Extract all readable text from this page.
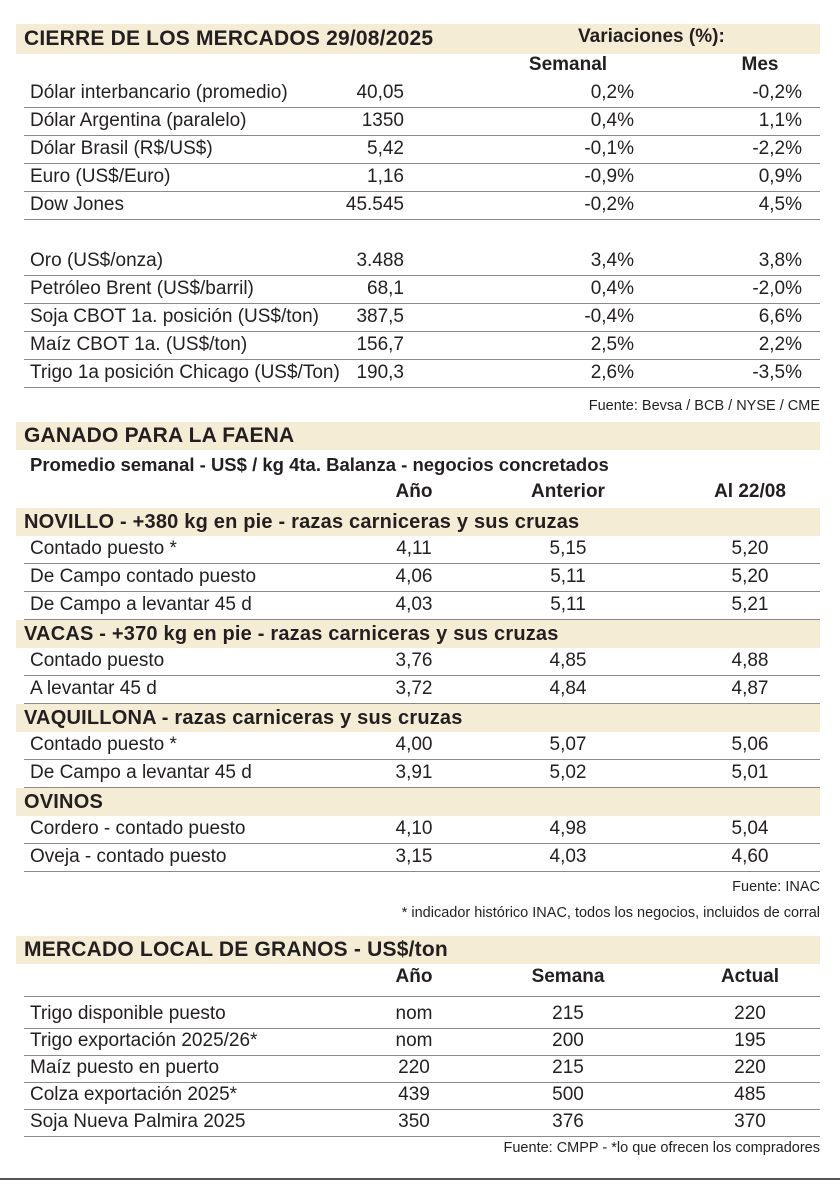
CIERRE DE LOS MERCADOS 29/08/2025	Variaciones (%):
Semanal	Mes
Dólar interbancario (promedio)	40,05	0,2%	-0,2%
Dólar Argentina (paralelo)	1350	0,4%	1,1%
Dólar Brasil (R$/US$)	5,42	-0,1%	-2,2%
Euro (US$/Euro)	1,16	-0,9%	0,9%
Dow Jones	45.545	-0,2%	4,5%
Oro (US$/onza)	3.488	3,4%	3,8%
Petróleo Brent (US$/barril)	68,1	0,4%	-2,0%
Soja CBOT 1a. posición (US$/ton)	387,5	-0,4%	6,6%
Maíz CBOT 1a. (US$/ton)	156,7	2,5%	2,2%
Trigo 1a posición Chicago (US$/Ton) 190,3	2,6%	-3,5%
Fuente: Bevsa / BCB / NYSE / CME
GANADO PARA LA FAENA
Promedio semanal - US$ / kg 4ta. Balanza - negocios concretados
Año	Anterior	Al 22/08
NOVILLO - +380 kg en pie - razas carniceras y sus cruzas
Contado puesto *	4,11	5,15	5,20
De Campo contado puesto	4,06	5,11	5,20
De Campo a levantar 45 d	4,03	5,11	5,21
VACAS - +370 kg en pie - razas carniceras y sus cruzas
Contado puesto	3,76	4,85	4,88
A levantar 45 d	3,72	4,84	4,87
VAQUILLONA - razas carniceras y sus cruzas
Contado puesto *	4,00	5,07	5,06
De Campo a levantar 45 d	3,91	5,02	5,01
OVINOS
Cordero - contado puesto	4,10	4,98	5,04
Oveja - contado puesto	3,15	4,03	4,60
Fuente: INAC
* indicador histórico INAC, todos los negocios, incluidos de corral
MERCADO LOCAL DE GRANOS - US$/ton
Año	Semana	Actual
Trigo disponible puesto	nom	215	220
Trigo exportación 2025/26*	nom	200	195
Maíz puesto en puerto	220	215	220
Colza exportación 2025*	439	500	485
Soja Nueva Palmira 2025	350	376	370
Fuente: CMPP - *lo que ofrecen los compradores
